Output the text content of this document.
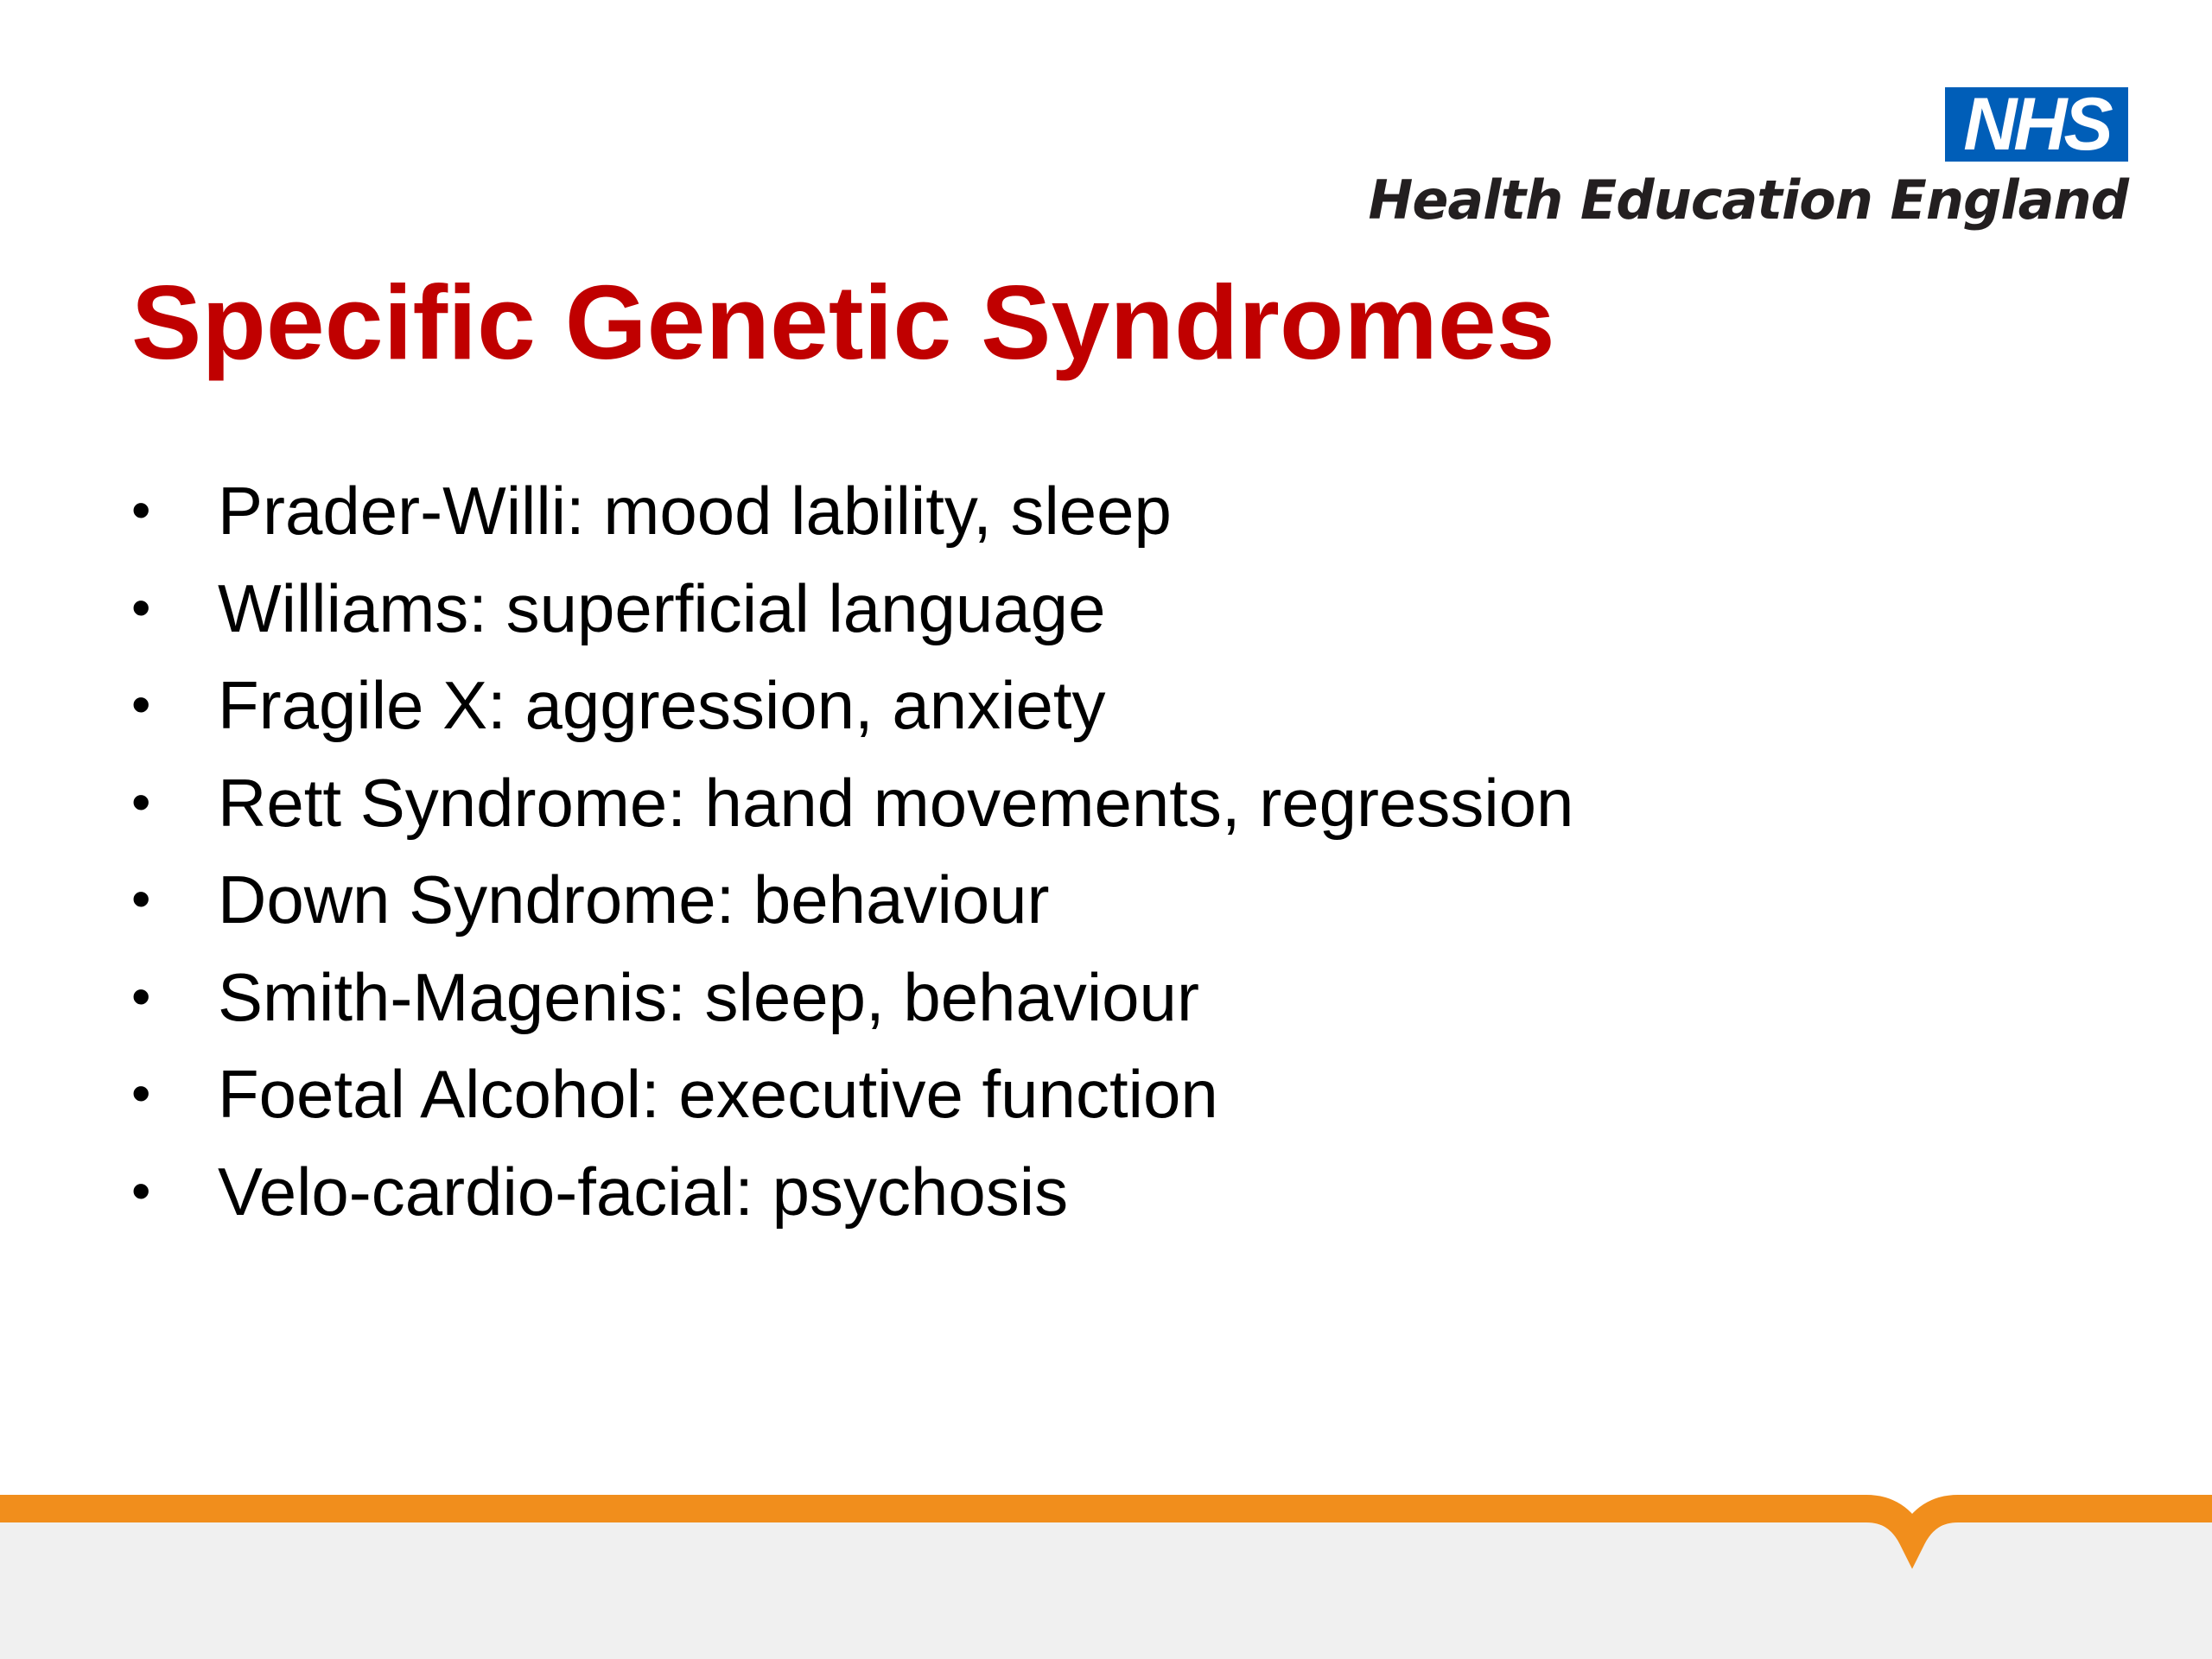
NHS
Health Education England
Specific Genetic Syndromes
• Prader-Willi: mood lability, sleep
• Williams: superficial language
• Fragile X: aggression, anxiety
• Rett Syndrome: hand movements, regression
• Down Syndrome: behaviour
• Smith-Magenis: sleep, behaviour
• Foetal Alcohol: executive function
• Velo-cardio-facial: psychosis
